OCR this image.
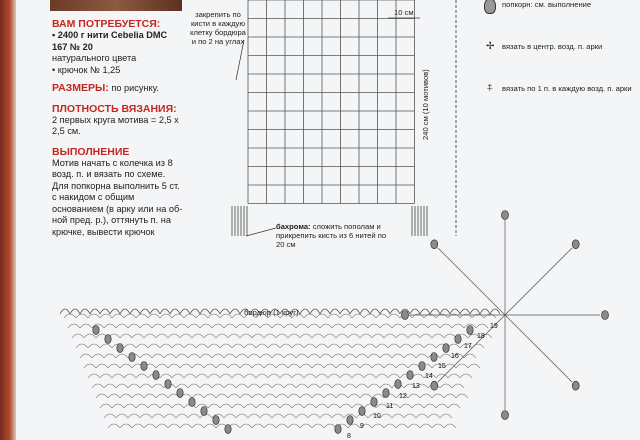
ВАМ ПОТРЕБУЕТСЯ:

• 2400 г нити Cebelia DMC 167 № 20

натурального цвета

• крючок № 1,25

РАЗМЕРЫ: по рисунку.

ПЛОТНОСТЬ ВЯЗАНИЯ:

2 первых круга мотива = 2,5 х 2,5 см.

ВЫПОЛНЕНИЕ

Мотив начать с колечка из 8 возд. п. и вязать по схеме. Для попкорна выполнить 5 ст. с накидом с общим основанием (в арку или на обной пред. р.), оттянуть п. на крючке, вывести крючок

19
18
17
16
15
14
13
12
11
10
9
8
закрепить по кисти в каждую клетку бордюра и по 2 на углах
10 см
240 см (10 мотивов)
бахрома: сложить пополам и прикрепить кисть из 6 нитей по 20 см
бордюр (1 круг)
попкорн: см. выполнение
✢ вязать в центр. возд. п. арки
⍏ вязать по 1 п. в каждую возд. п. арки
